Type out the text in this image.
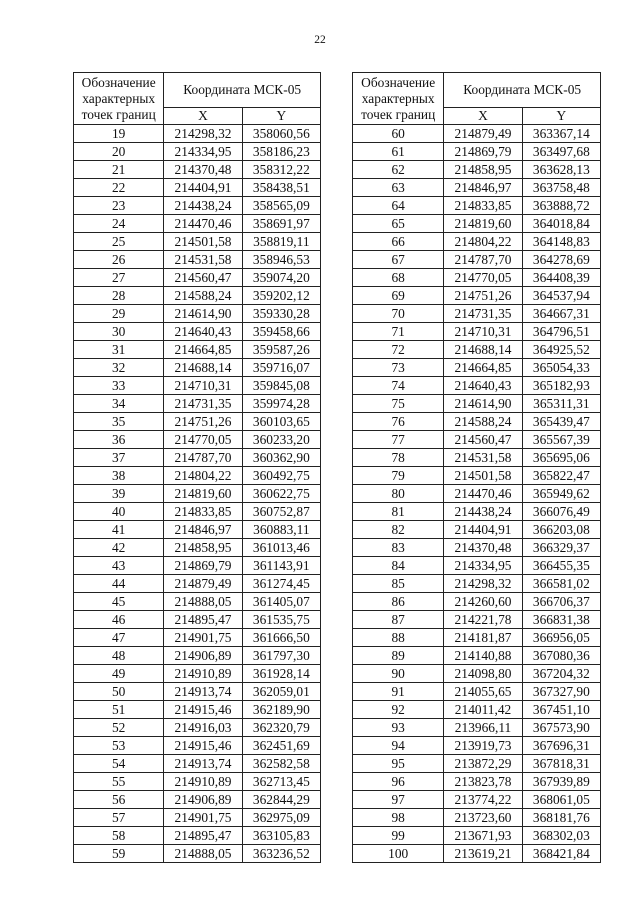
22
Обозначение характерных точек границ	Координата МСК-05	
	X	Y
19	214298,32	358060,56
20	214334,95	358186,23
21	214370,48	358312,22
22	214404,91	358438,51
23	214438,24	358565,09
24	214470,46	358691,97
25	214501,58	358819,11
26	214531,58	358946,53
27	214560,47	359074,20
28	214588,24	359202,12
29	214614,90	359330,28
30	214640,43	359458,66
31	214664,85	359587,26
32	214688,14	359716,07
33	214710,31	359845,08
34	214731,35	359974,28
35	214751,26	360103,65
36	214770,05	360233,20
37	214787,70	360362,90
38	214804,22	360492,75
39	214819,60	360622,75
40	214833,85	360752,87
41	214846,97	360883,11
42	214858,95	361013,46
43	214869,79	361143,91
44	214879,49	361274,45
45	214888,05	361405,07
46	214895,47	361535,75
47	214901,75	361666,50
48	214906,89	361797,30
49	214910,89	361928,14
50	214913,74	362059,01
51	214915,46	362189,90
52	214916,03	362320,79
53	214915,46	362451,69
54	214913,74	362582,58
55	214910,89	362713,45
56	214906,89	362844,29
57	214901,75	362975,09
58	214895,47	363105,83
59	214888,05	363236,52
Обозначение характерных точек границ	Координата МСК-05	
	X	Y
60	214879,49	363367,14
61	214869,79	363497,68
62	214858,95	363628,13
63	214846,97	363758,48
64	214833,85	363888,72
65	214819,60	364018,84
66	214804,22	364148,83
67	214787,70	364278,69
68	214770,05	364408,39
69	214751,26	364537,94
70	214731,35	364667,31
71	214710,31	364796,51
72	214688,14	364925,52
73	214664,85	365054,33
74	214640,43	365182,93
75	214614,90	365311,31
76	214588,24	365439,47
77	214560,47	365567,39
78	214531,58	365695,06
79	214501,58	365822,47
80	214470,46	365949,62
81	214438,24	366076,49
82	214404,91	366203,08
83	214370,48	366329,37
84	214334,95	366455,35
85	214298,32	366581,02
86	214260,60	366706,37
87	214221,78	366831,38
88	214181,87	366956,05
89	214140,88	367080,36
90	214098,80	367204,32
91	214055,65	367327,90
92	214011,42	367451,10
93	213966,11	367573,90
94	213919,73	367696,31
95	213872,29	367818,31
96	213823,78	367939,89
97	213774,22	368061,05
98	213723,60	368181,76
99	213671,93	368302,03
100	213619,21	368421,84
